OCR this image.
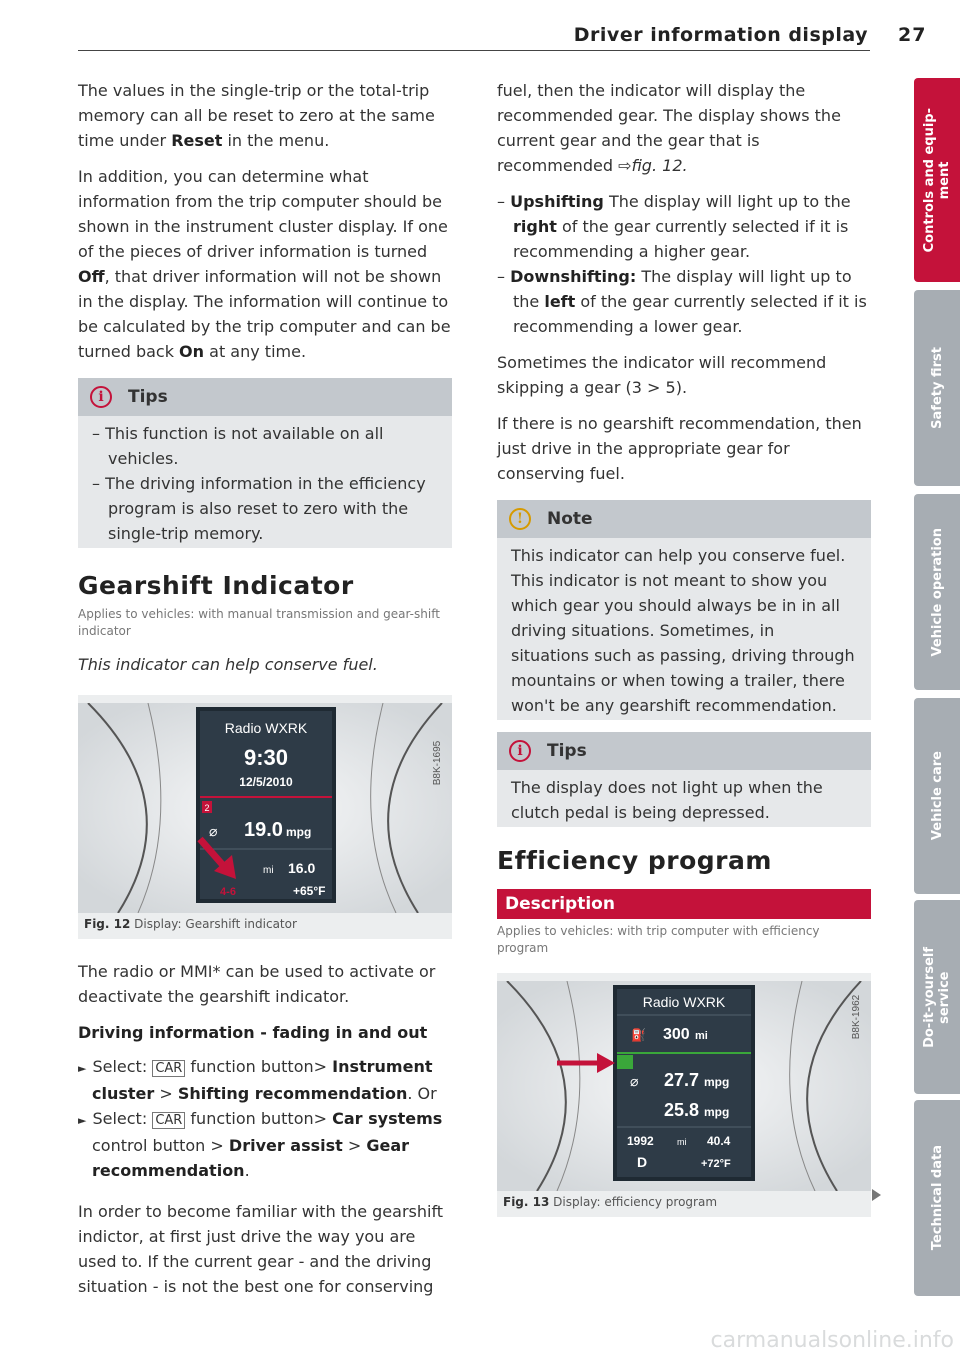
Driver information display 27

The values in the single-trip or the total-trip memory can all be reset to zero at the same time under Reset in the menu.

In addition, you can determine what information from the trip computer should be shown in the instrument cluster display. If one of the pieces of driver information is turned Off, that driver information will not be shown in the display. The information will continue to be calculated by the trip computer and can be turned back On at any time.

i	Tips

– This function is not available on all vehicles.

– The driving information in the efficiency program is also reset to zero with the single-trip memory.

Gearshift Indicator
Applies to vehicles: with manual transmission and gear-shift indicator

This indicator can help conserve fuel.

Radio WXRK
9:30
12/5/2010
2
⌀ 19.0 mpg
mi 16.0
4-6	+65°F
B8K-1695
Fig. 12 Display: Gearshift indicator

The radio or MMI* can be used to activate or deactivate the gearshift indicator.

Driving information - fading in and out

► Select: CAR function button> Instrument cluster > Shifting recommendation. Or

► Select: CAR function button> Car systems control button > Driver assist > Gear recommendation.

In order to become familiar with the gearshift indictor, at first just drive the way you are used to. If the current gear - and the driving situation - is not the best one for conserving

fuel, then the indicator will display the recommended gear. The display shows the current gear and the gear that is recommended ⇨fig. 12.

– Upshifting The display will light up to the right of the gear currently selected if it is recommending a higher gear.

– Downshifting: The display will light up to the left of the gear currently selected if it is recommending a lower gear.

Sometimes the indicator will recommend skipping a gear (3 > 5).

If there is no gearshift recommendation, then just drive in the appropriate gear for conserving fuel.

!	Note

This indicator can help you conserve fuel. This indicator is not meant to show you which gear you should always be in in all driving situations. Sometimes, in situations such as passing, driving through mountains or when towing a trailer, there won't be any gearshift recommendation.

i	Tips

The display does not light up when the clutch pedal is being depressed.

Efficiency program
Description
Applies to vehicles: with trip computer with efficiency program
Radio WXRK
⛽ 300 mi
⌀ 27.7 mpg
25.8 mpg
1992	mi 40.4
D	+72°F
B8K-1962
Fig. 13 Display: efficiency program
Controls and equip-
ment
Safety first
Vehicle operation
Vehicle care
Do-it-yourself
service
Technical data
carmanualsonline.info
